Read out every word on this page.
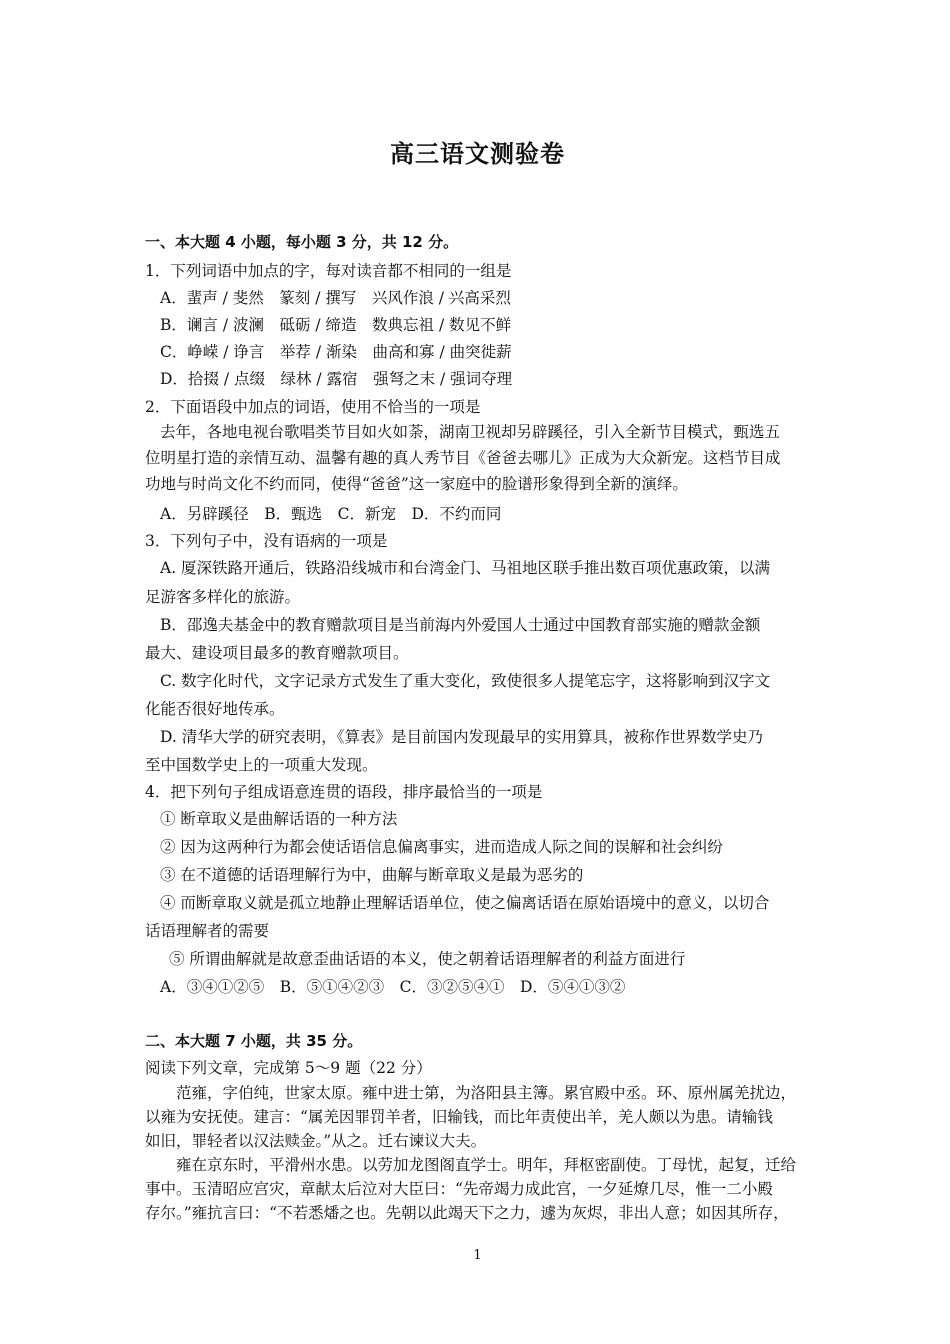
高三语文测验卷
一、本大题 4 小题，每小题 3 分，共 12 分。
1．下列词语中加点的字，每对读音都不相同的一组是
A．蜚声 / 斐然　篆刻 / 撰写　兴风作浪 / 兴高采烈
B．谰言 / 波澜　砥砺 / 缔造　数典忘祖 / 数见不鲜
C．峥嵘 / 诤言　举荐 / 渐染　曲高和寡 / 曲突徙薪
D．拾掇 / 点缀　绿林 / 露宿　强弩之末 / 强词夺理
2．下面语段中加点的词语，使用不恰当的一项是
去年，各地电视台歌唱类节目如火如荼，湖南卫视却另辟蹊径，引入全新节目模式，甄选五
位明星打造的亲情互动、温馨有趣的真人秀节目《爸爸去哪儿》正成为大众新宠。这档节目成
功地与时尚文化不约而同，使得“爸爸”这一家庭中的脸谱形象得到全新的演绎。
A．另辟蹊径　B．甄选　C．新宠　D．不约而同
3．下列句子中，没有语病的一项是
A. 厦深铁路开通后，铁路沿线城市和台湾金门、马祖地区联手推出数百项优惠政策，以满
足游客多样化的旅游。
B．邵逸夫基金中的教育赠款项目是当前海内外爱国人士通过中国教育部实施的赠款金额
最大、建设项目最多的教育赠款项目。
C. 数字化时代，文字记录方式发生了重大变化，致使很多人提笔忘字，这将影响到汉字文
化能否很好地传承。
D. 清华大学的研究表明，《算表》是目前国内发现最早的实用算具，被称作世界数学史乃
至中国数学史上的一项重大发现。
4．把下列句子组成语意连贯的语段，排序最恰当的一项是
① 断章取义是曲解话语的一种方法
② 因为这两种行为都会使话语信息偏离事实，进而造成人际之间的误解和社会纠纷
③ 在不道德的话语理解行为中，曲解与断章取义是最为恶劣的
④ 而断章取义就是孤立地静止理解话语单位，使之偏离话语在原始语境中的意义，以切合
话语理解者的需要
⑤ 所谓曲解就是故意歪曲话语的本义，使之朝着话语理解者的利益方面进行
A．③④①②⑤　B．⑤①④②③　C．③②⑤④①　D．⑤④①③②
二、本大题 7 小题，共 35 分。
阅读下列文章，完成第 5～9 题（22 分）
范雍，字伯纯，世家太原。雍中进士第，为洛阳县主簿。累官殿中丞。环、原州属羌扰边，
以雍为安抚使。建言：“属羌因罪罚羊者，旧输钱，而比年责使出羊，羌人颇以为患。请输钱
如旧，罪轻者以汉法赎金。”从之。迁右谏议大夫。
雍在京东时，平滑州水患。以劳加龙图阁直学士。明年，拜枢密副使。丁母忧，起复，迁给
事中。玉清昭应宫灾，章献太后泣对大臣曰：“先帝竭力成此宫，一夕延燎几尽，惟一二小殿
存尔。”雍抗言曰：“不若悉燔之也。先朝以此竭天下之力，遽为灰烬，非出人意；如因其所存，
1
